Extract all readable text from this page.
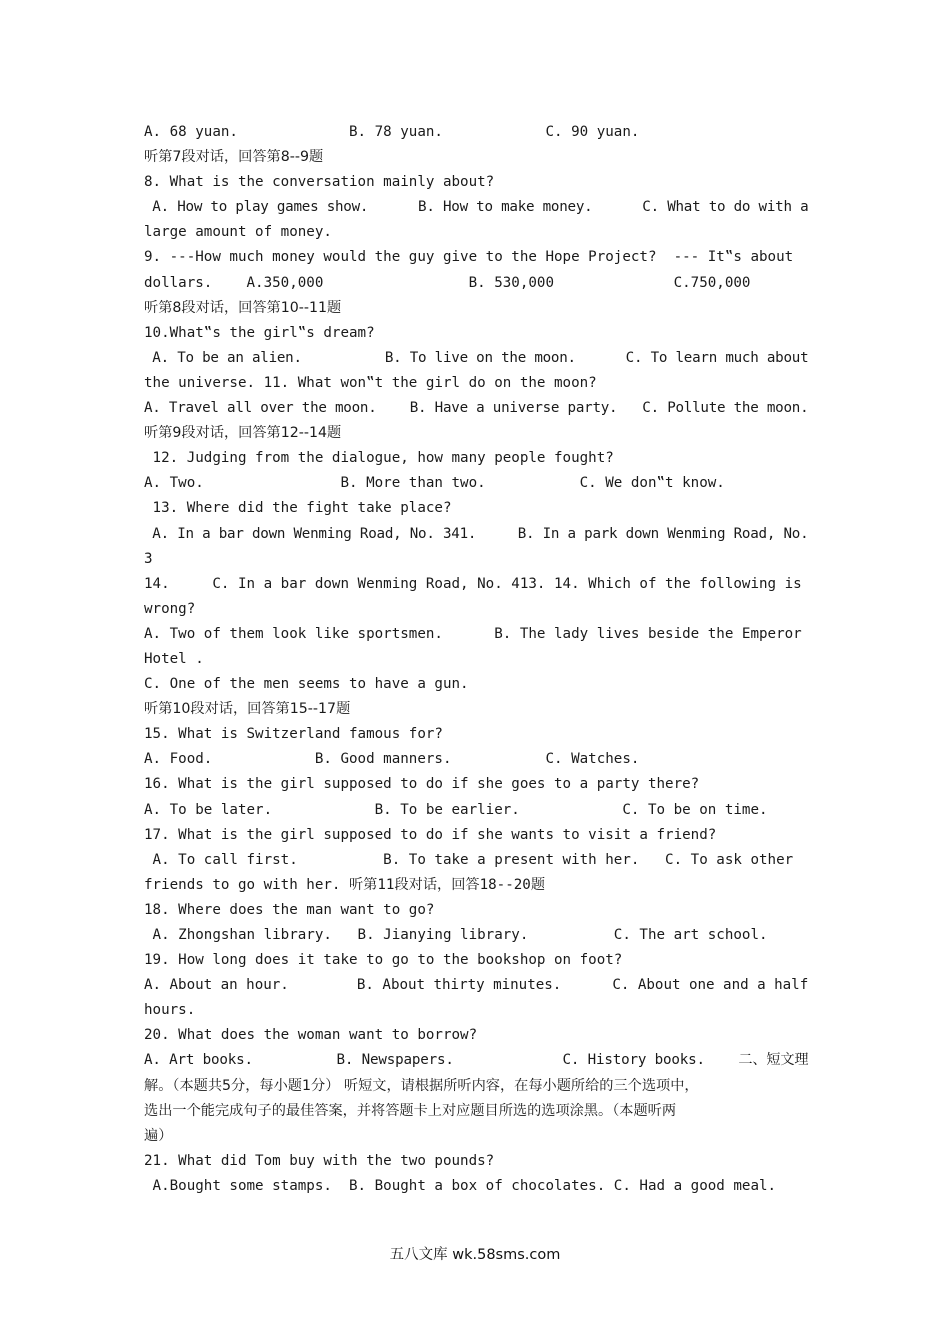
A. 68 yuan.             B. 78 yuan.            C. 90 yuan.
听第7段对话，回答第8--9题
8. What is the conversation mainly about?
A. How to play games show.      B. How to make money.      C. What to do with a
large amount of money.
9. ---How much money would the guy give to the Hope Project?  --- It‟s about
dollars.    A.350,000                 B. 530,000              C.750,000
听第8段对话，回答第10--11题
10.What‟s the girl‟s dream?
A. To be an alien.          B. To live on the moon.      C. To learn much about
the universe. 11. What won‟t the girl do on the moon?
A. Travel all over the moon.    B. Have a universe party.   C. Pollute the moon.
听第9段对话，回答第12--14题
12. Judging from the dialogue, how many people fought?
A. Two.                B. More than two.           C. We don‟t know.
13. Where did the fight take place?
A. In a bar down Wenming Road, No. 341.     B. In a park down Wenming Road, No.
3
14.     C. In a bar down Wenming Road, No. 413. 14. Which of the following is
wrong?
A. Two of them look like sportsmen.      B. The lady lives beside the Emperor
Hotel .
C. One of the men seems to have a gun.
听第10段对话，回答第15--17题
15. What is Switzerland famous for?
A. Food.            B. Good manners.           C. Watches.
16. What is the girl supposed to do if she goes to a party there?
A. To be later.            B. To be earlier.            C. To be on time.
17. What is the girl supposed to do if she wants to visit a friend?
A. To call first.          B. To take a present with her.   C. To ask other
friends to go with her. 听第11段对话，回答18--20题
18. Where does the man want to go?
A. Zhongshan library.   B. Jianying library.          C. The art school.
19. How long does it take to go to the bookshop on foot?
A. About an hour.        B. About thirty minutes.      C. About one and a half
hours.
20. What does the woman want to borrow?
A. Art books.          B. Newspapers.             C. History books.    二、短文理
解。（本题共5分，每小题1分） 听短文，请根据所听内容，在每小题所给的三个选项中，
选出一个能完成句子的最佳答案，并将答题卡上对应题目所选的选项涂黑。（本题听两
遍）
21. What did Tom buy with the two pounds?
A.Bought some stamps.  B. Bought a box of chocolates. C. Had a good meal.
五八文库 wk.58sms.com
